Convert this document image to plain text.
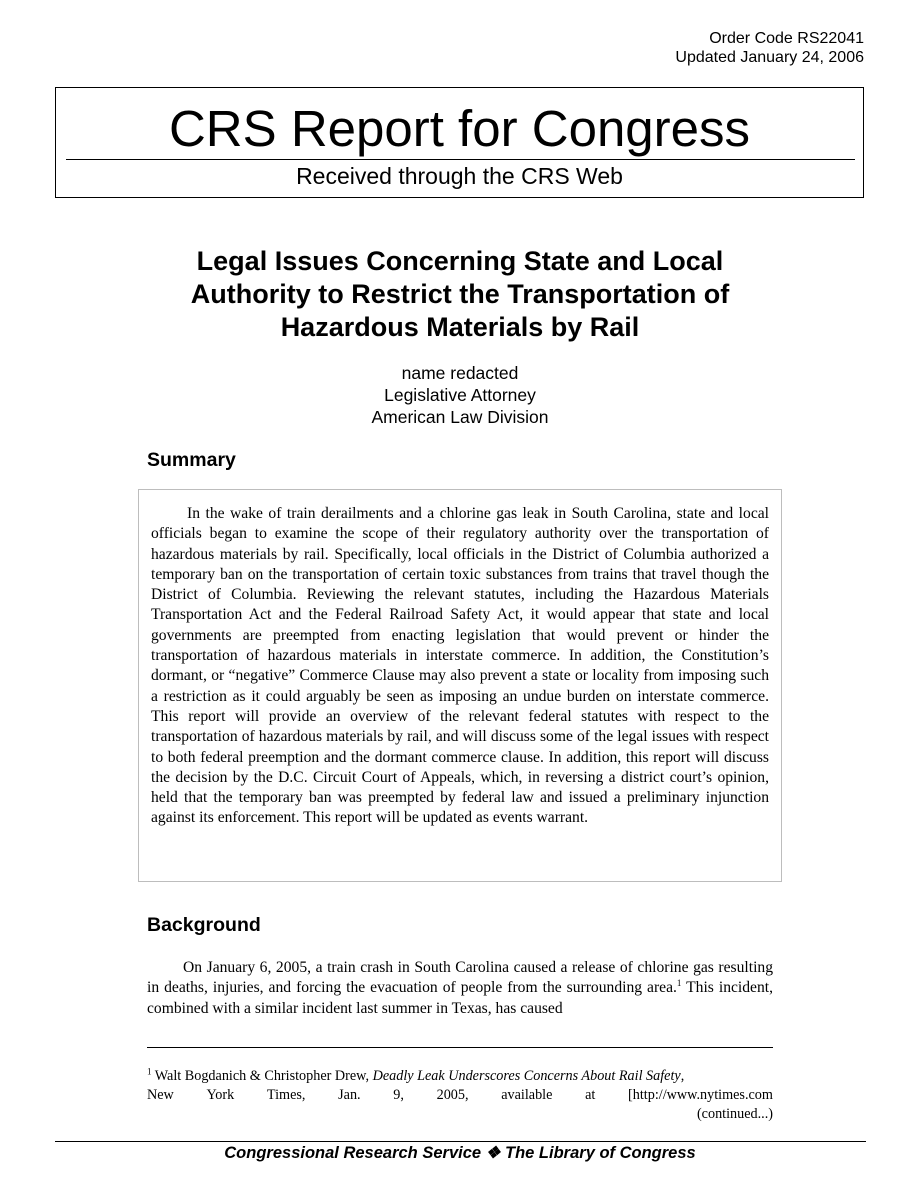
Order Code RS22041
Updated January 24, 2006
CRS Report for Congress
Received through the CRS Web
Legal Issues Concerning State and Local
Authority to Restrict the Transportation of
Hazardous Materials by Rail
name redacted
Legislative Attorney
American Law Division
Summary

In the wake of train derailments and a chlorine gas leak in South Carolina, state and local officials began to examine the scope of their regulatory authority over the transportation of hazardous materials by rail. Specifically, local officials in the District of Columbia authorized a temporary ban on the transportation of certain toxic substances from trains that travel though the District of Columbia. Reviewing the relevant statutes, including the Hazardous Materials Transportation Act and the Federal Railroad Safety Act, it would appear that state and local governments are preempted from enacting legislation that would prevent or hinder the transportation of hazardous materials in interstate commerce. In addition, the Constitution’s dormant, or “negative” Commerce Clause may also prevent a state or locality from imposing such a restriction as it could arguably be seen as imposing an undue burden on interstate commerce. This report will provide an overview of the relevant federal statutes with respect to the transportation of hazardous materials by rail, and will discuss some of the legal issues with respect to both federal preemption and the dormant commerce clause. In addition, this report will discuss the decision by the D.C. Circuit Court of Appeals, which, in reversing a district court’s opinion, held that the temporary ban was preempted by federal law and issued a preliminary injunction against its enforcement. This report will be updated as events warrant.

Background

On January 6, 2005, a train crash in South Carolina caused a release of chlorine gas resulting in deaths, injuries, and forcing the evacuation of people from the surrounding area.$^1$ This incident, combined with a similar incident last summer in Texas, has caused

$^1$ Walt Bogdanich & Christopher Drew, Deadly Leak Underscores Concerns About Rail Safety,
New York Times, Jan. 9, 2005, available at [http://www.nytimes.com
(continued...)
Congressional Research Service ❖ The Library of Congress
